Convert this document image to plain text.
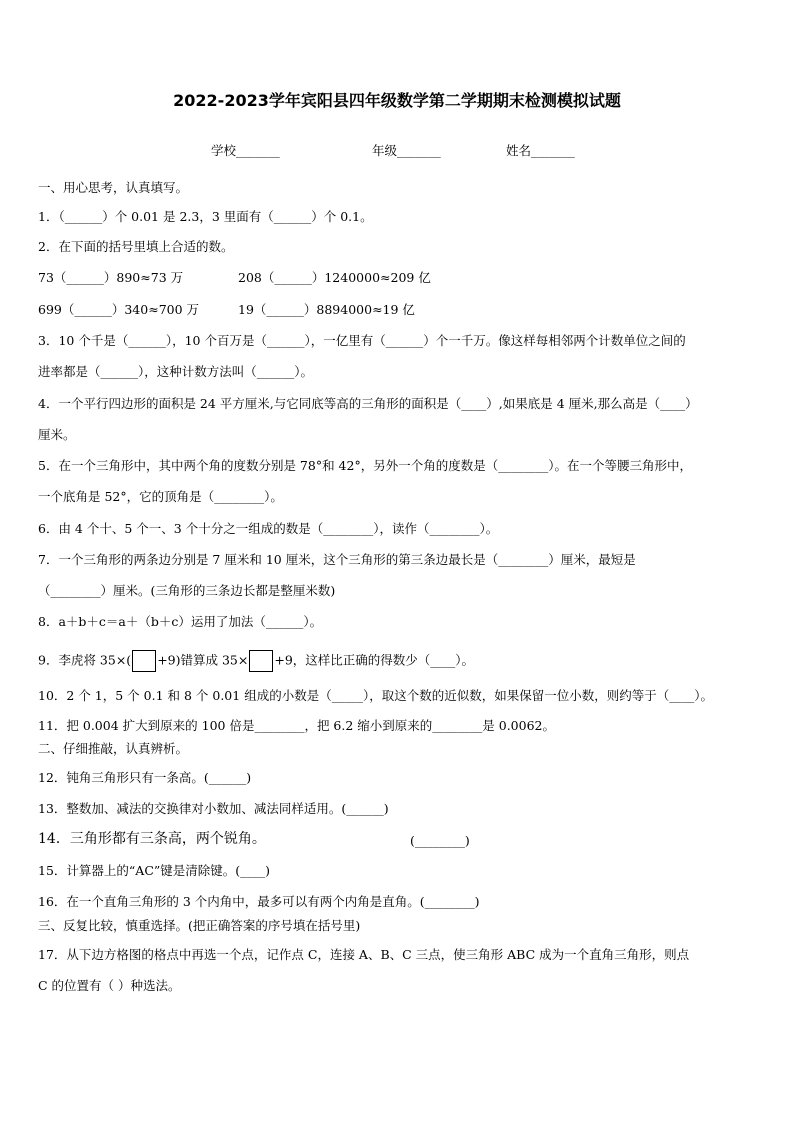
2022-2023学年宾阳县四年级数学第二学期期末检测模拟试题
学校_______	年级_______	姓名_______
一、用心思考，认真填写。
1．（______）个 0.01 是 2.3，3 里面有（______）个 0.1。
2．在下面的括号里填上合适的数。
73（______）890≈73 万	208（______）1240000≈209 亿
699（______）340≈700 万	19（______）8894000≈19 亿
3．10 个千是（______），10 个百万是（______），一亿里有（______）个一千万。像这样每相邻两个计数单位之间的
进率都是（______），这种计数方法叫（______）。
4．一个平行四边形的面积是 24 平方厘米,与它同底等高的三角形的面积是（____）,如果底是 4 厘米,那么高是（____）
厘米。
5．在一个三角形中，其中两个角的度数分别是 78°和 42°，另外一个角的度数是（________）。在一个等腰三角形中，
一个底角是 52°，它的顶角是（________）。
6．由 4 个十、5 个一、3 个十分之一组成的数是（________），读作（________）。
7．一个三角形的两条边分别是 7 厘米和 10 厘米，这个三角形的第三条边最长是（________）厘米，最短是
（________）厘米。(三角形的三条边长都是整厘米数)
8．a＋b＋c＝a＋（b＋c）运用了加法（______）。
9．李虎将 35×( +9)错算成 35× +9，这样比正确的得数少（____）。
10．2 个 1，5 个 0.1 和 8 个 0.01 组成的小数是（_____），取这个数的近似数，如果保留一位小数，则约等于（____）。
11．把 0.004 扩大到原来的 100 倍是________，把 6.2 缩小到原来的________是 0.0062。
二、仔细推敲，认真辨析。
12．钝角三角形只有一条高。(______)
13．整数加、减法的交换律对小数加、减法同样适用。(______)
14．三角形都有三条高，两个锐角。	(________)
15．计算器上的“AC”键是清除键。(____)
16．在一个直角三角形的 3 个内角中，最多可以有两个内角是直角。(________)
三、反复比较，慎重选择。(把正确答案的序号填在括号里)
17．从下边方格图的格点中再选一个点，记作点 C，连接 A、B、C 三点，使三角形 ABC 成为一个直角三角形，则点
C 的位置有（ ）种选法。
